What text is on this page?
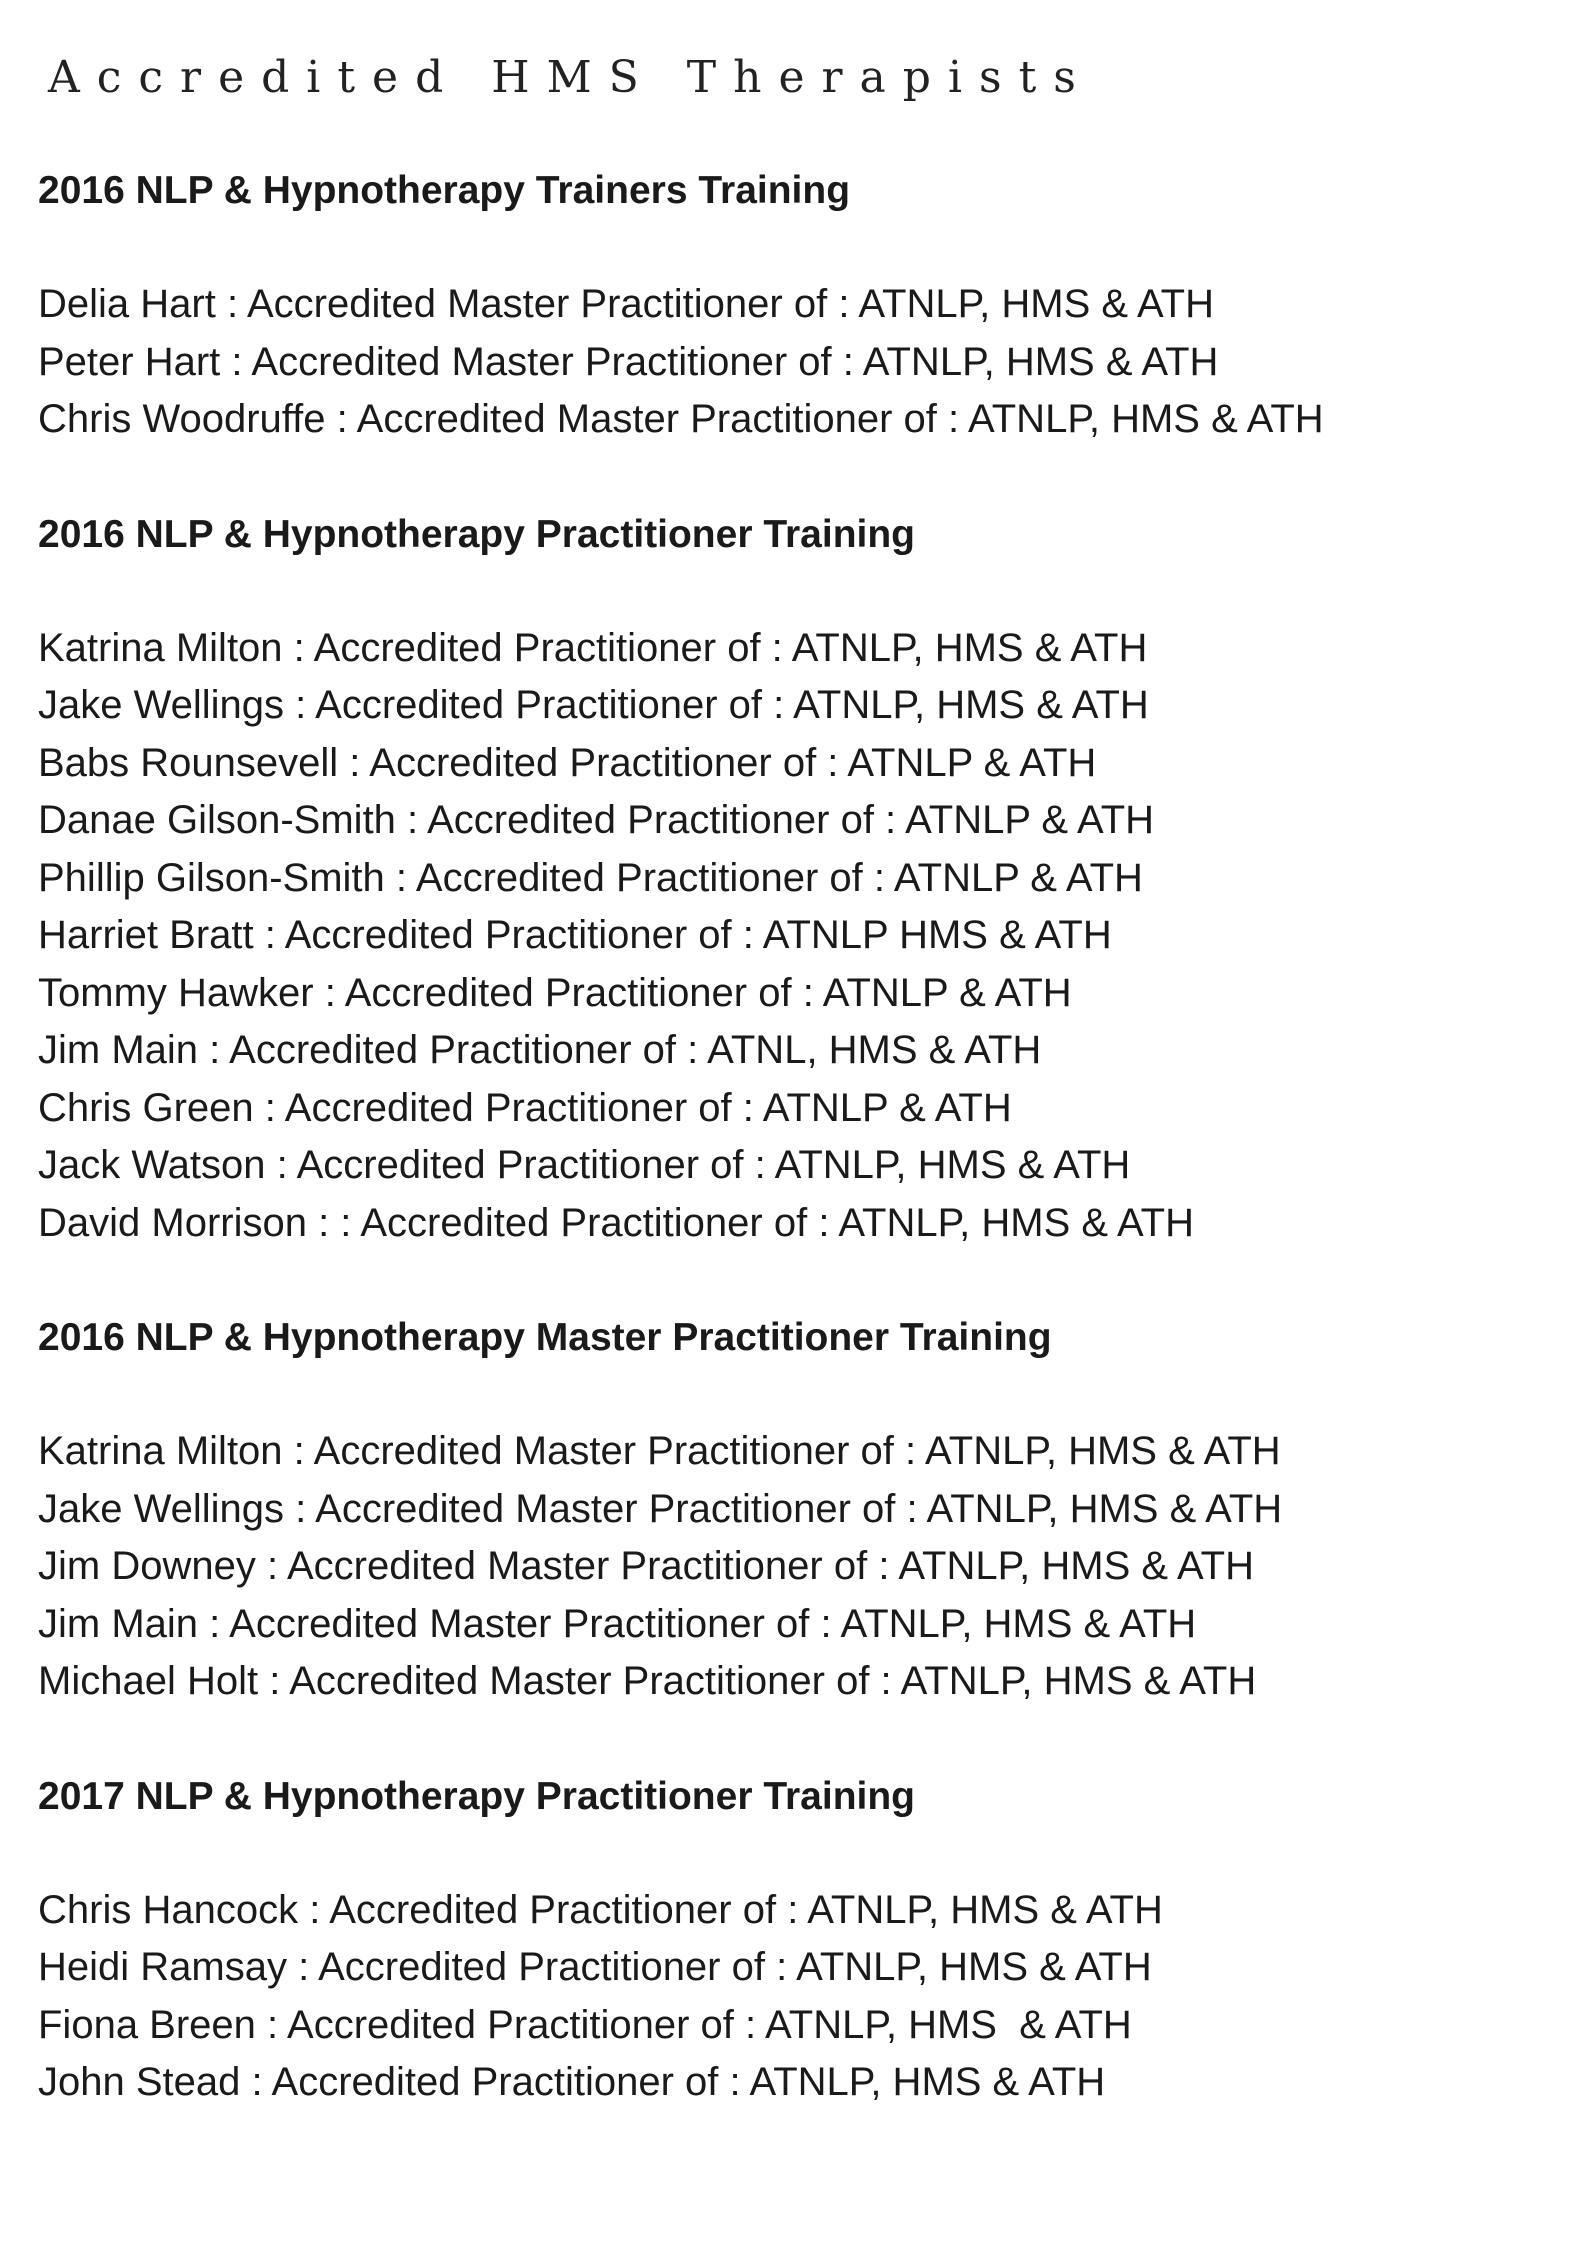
Accredited HMS Therapists
2016 NLP & Hypnotherapy Trainers Training
Delia Hart : Accredited Master Practitioner of : ATNLP, HMS & ATH
Peter Hart : Accredited Master Practitioner of : ATNLP, HMS & ATH
Chris Woodruffe : Accredited Master Practitioner of : ATNLP, HMS & ATH
2016 NLP & Hypnotherapy Practitioner Training
Katrina Milton : Accredited Practitioner of : ATNLP, HMS & ATH
Jake Wellings : Accredited Practitioner of : ATNLP, HMS & ATH
Babs Rounsevell : Accredited Practitioner of : ATNLP & ATH
Danae Gilson-Smith : Accredited Practitioner of : ATNLP & ATH
Phillip Gilson-Smith : Accredited Practitioner of : ATNLP & ATH
Harriet Bratt : Accredited Practitioner of : ATNLP HMS & ATH
Tommy Hawker : Accredited Practitioner of : ATNLP & ATH
Jim Main : Accredited Practitioner of : ATNL, HMS & ATH
Chris Green : Accredited Practitioner of : ATNLP & ATH
Jack Watson : Accredited Practitioner of : ATNLP, HMS & ATH
David Morrison : : Accredited Practitioner of : ATNLP, HMS & ATH
2016 NLP & Hypnotherapy Master Practitioner Training
Katrina Milton : Accredited Master Practitioner of : ATNLP, HMS & ATH
Jake Wellings : Accredited Master Practitioner of : ATNLP, HMS & ATH
Jim Downey : Accredited Master Practitioner of : ATNLP, HMS & ATH
Jim Main : Accredited Master Practitioner of : ATNLP, HMS & ATH
Michael Holt : Accredited Master Practitioner of : ATNLP, HMS & ATH
2017 NLP & Hypnotherapy Practitioner Training
Chris Hancock : Accredited Practitioner of : ATNLP, HMS & ATH
Heidi Ramsay : Accredited Practitioner of : ATNLP, HMS & ATH
Fiona Breen : Accredited Practitioner of : ATNLP, HMS  & ATH
John Stead : Accredited Practitioner of : ATNLP, HMS & ATH
